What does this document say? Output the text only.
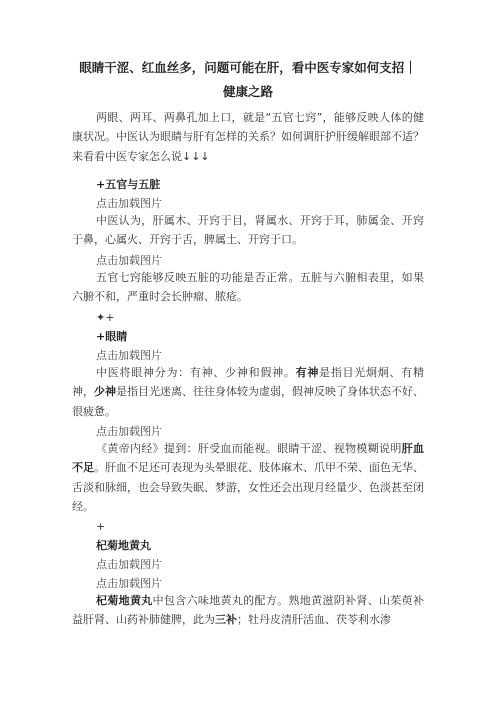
眼睛干涩、红血丝多，问题可能在肝，看中医专家如何支招｜
健康之路
两眼、两耳、两鼻孔加上口，就是“五官七窍”，能够反映人体的健康状况。中医认为眼睛与肝有怎样的关系？如何调肝护肝缓解眼部不适？来看看中医专家怎么说↓↓↓
+五官与五脏
点击加载图片
中医认为，肝属木、开窍于目，肾属水、开窍于耳，肺属金、开窍于鼻，心属火、开窍于舌，脾属土、开窍于口。
点击加载图片
五官七窍能够反映五脏的功能是否正常。五脏与六腑相表里，如果六腑不和，严重时会长肿瘤、脓疮。
✦+
+眼睛
点击加载图片
中医将眼神分为：有神、少神和假神。有神是指目光炯炯、有精神，少神是指目光迷离、往往身体较为虚弱，假神反映了身体状态不好、很疲惫。
点击加载图片
《黄帝内经》提到：肝受血而能视。眼睛干涩、视物模糊说明肝血不足。肝血不足还可表现为头晕眼花、肢体麻木、爪甲不荣、面色无华、舌淡和脉细，也会导致失眠、梦游，女性还会出现月经量少、色淡甚至闭经。
+
杞菊地黄丸
点击加载图片
点击加载图片
杞菊地黄丸中包含六味地黄丸的配方。熟地黄滋阴补肾、山茱萸补益肝肾、山药补肺健脾，此为三补；牡丹皮清肝活血、茯苓利水渗
